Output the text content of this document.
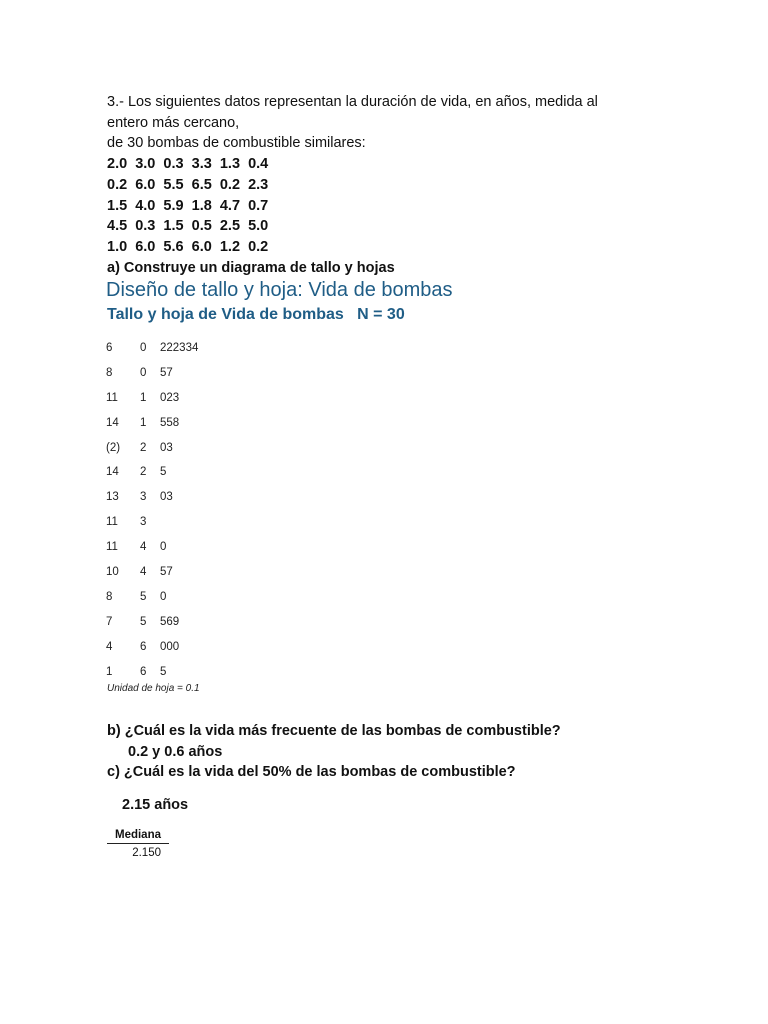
3.- Los siguientes datos representan la duración de vida, en años, medida al
entero más cercano,
de 30 bombas de combustible similares:
2.0  3.0  0.3  3.3  1.3  0.4
0.2  6.0  5.5  6.5  0.2  2.3
1.5  4.0  5.9  1.8  4.7  0.7
4.5  0.3  1.5  0.5  2.5  5.0
1.0  6.0  5.6  6.0  1.2  0.2
a) Construye un diagrama de tallo y hojas
Diseño de tallo y hoja: Vida de bombas
Tallo y hoja de Vida de bombas   N = 30
6	0	222334
8	0	57
11	1	023
14	1	558
(2)	2	03
14	2	5
13	3	03
11	3
11	4	0
10	4	57
8	5	0
7	5	569
4	6	000
1	6	5
Unidad de hoja = 0.1
b) ¿Cuál es la vida más frecuente de las bombas de combustible?
0.2 y 0.6 años
c) ¿Cuál es la vida del 50% de las bombas de combustible?
2.15 años
Mediana
2.150
